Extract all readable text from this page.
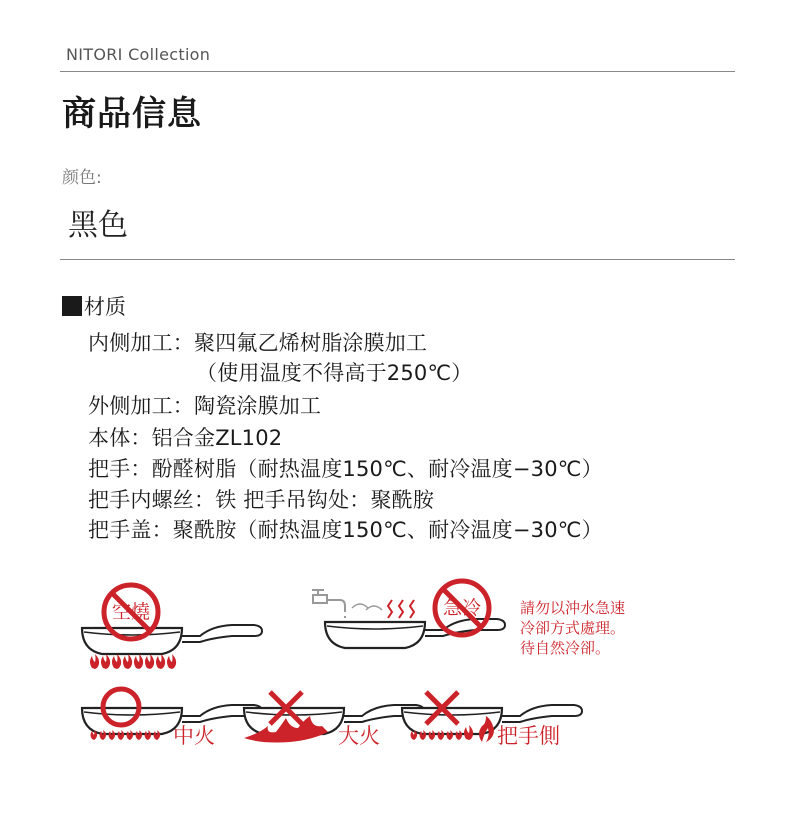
NITORI Collection
商品信息
颜色:
黑色
材质
内侧加工：聚四氟乙烯树脂涂膜加工
（使用温度不得高于250℃）
外侧加工：陶瓷涂膜加工
本体：铝合金ZL102
把手：酚醛树脂（耐热温度150℃、耐冷温度−30℃）
把手内螺丝：铁 把手吊钩处：聚酰胺
把手盖：聚酰胺（耐热温度150℃、耐冷温度−30℃）
空燒	急冷	請勿以沖水急速
冷卻方式處理。
待自然冷卻。
中火	大火	把手側
